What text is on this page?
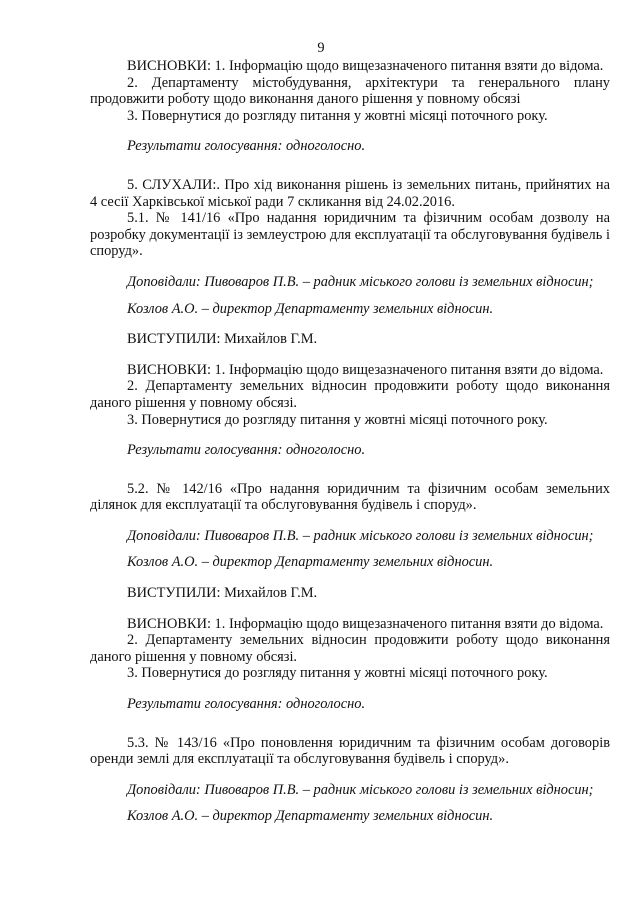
9

ВИСНОВКИ: 1. Інформацію щодо вищезазначеного питання взяти до відома.

2. Департаменту містобудування, архітектури та генерального плану продовжити роботу щодо виконання даного рішення у повному обсязі

3. Повернутися до розгляду питання у жовтні місяці поточного року.

Результати голосування: одноголосно.

5. СЛУХАЛИ:. Про хід виконання рішень із земельних питань, прийнятих на 4 сесії Харківської міської ради 7 скликання від 24.02.2016.

5.1. № 141/16 «Про надання юридичним та фізичним особам дозволу на розробку документації із землеустрою для експлуатації та обслуговування будівель і споруд».

Доповідали: Пивоваров П.В. – радник міського голови із земельних відносин;

Козлов А.О. – директор Департаменту земельних відносин.

ВИСТУПИЛИ: Михайлов Г.М.

ВИСНОВКИ: 1. Інформацію щодо вищезазначеного питання взяти до відома.

2. Департаменту земельних відносин продовжити роботу щодо виконання даного рішення у повному обсязі.

3. Повернутися до розгляду питання у жовтні місяці поточного року.

Результати голосування: одноголосно.

5.2. № 142/16 «Про надання юридичним та фізичним особам земельних ділянок для експлуатації та обслуговування будівель і споруд».

Доповідали: Пивоваров П.В. – радник міського голови із земельних відносин;

Козлов А.О. – директор Департаменту земельних відносин.

ВИСТУПИЛИ: Михайлов Г.М.

ВИСНОВКИ: 1. Інформацію щодо вищезазначеного питання взяти до відома.

2. Департаменту земельних відносин продовжити роботу щодо виконання даного рішення у повному обсязі.

3. Повернутися до розгляду питання у жовтні місяці поточного року.

Результати голосування: одноголосно.

5.3. № 143/16 «Про поновлення юридичним та фізичним особам договорів оренди землі для експлуатації та обслуговування будівель і споруд».

Доповідали: Пивоваров П.В. – радник міського голови із земельних відносин;

Козлов А.О. – директор Департаменту земельних відносин.
